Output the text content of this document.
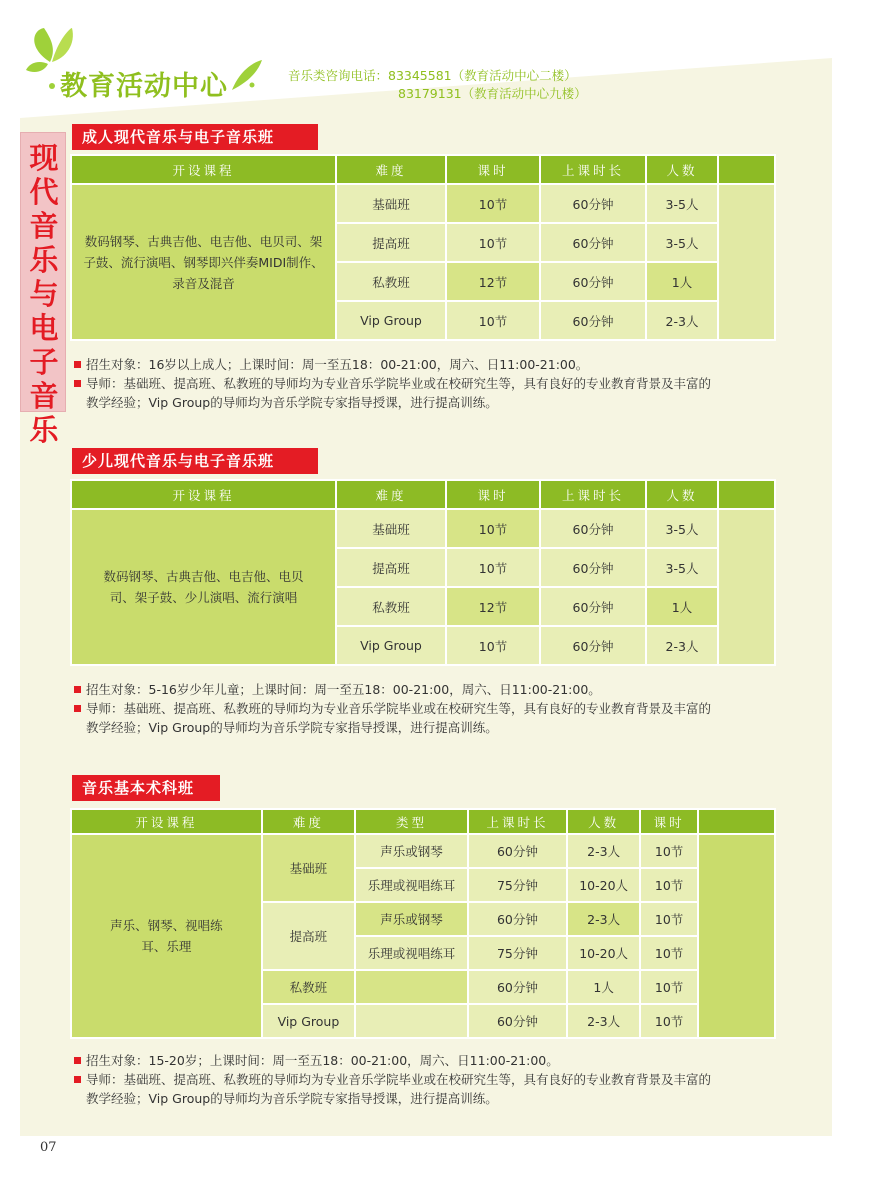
教育活动中心	音乐类咨询电话：83345581（教育活动中心二楼）
83179131（教育活动中心九楼）
现代音乐与电子音乐
成人现代音乐与电子音乐班
开设课程	难度	课时	上课时长	人数	
数码钢琴、古典吉他、电吉他、电贝司、架子鼓、流行演唱、钢琴即兴伴奏MIDI制作、录音及混音	基础班	10节	60分钟	3-5人	
	提高班	10节	60分钟	3-5人	
	私教班	12节	60分钟	1人	
	Vip Group	10节	60分钟	2-3人	
招生对象：16岁以上成人；上课时间：周一至五18：00-21:00，周六、日11:00-21:00。
导师：基础班、提高班、私教班的导师均为专业音乐学院毕业或在校研究生等，具有良好的专业教育背景及丰富的
教学经验；Vip Group的导师均为音乐学院专家指导授课，进行提高训练。
少儿现代音乐与电子音乐班
开设课程	难度	课时	上课时长	人数	
数码钢琴、古典吉他、电吉他、电贝司、架子鼓、少儿演唱、流行演唱	基础班	10节	60分钟	3-5人	
	提高班	10节	60分钟	3-5人	
	私教班	12节	60分钟	1人	
	Vip Group	10节	60分钟	2-3人	
招生对象：5-16岁少年儿童；上课时间：周一至五18：00-21:00，周六、日11:00-21:00。
导师：基础班、提高班、私教班的导师均为专业音乐学院毕业或在校研究生等，具有良好的专业教育背景及丰富的
教学经验；Vip Group的导师均为音乐学院专家指导授课，进行提高训练。
音乐基本术科班
开设课程	难度	类型	上课时长	人数	课时	
声乐、钢琴、视唱练耳、乐理	基础班	声乐或钢琴	60分钟	2-3人	10节	
		乐理或视唱练耳	75分钟	10-20人	10节	
	提高班	声乐或钢琴	60分钟	2-3人	10节	
		乐理或视唱练耳	75分钟	10-20人	10节	
	私教班		60分钟	1人	10节	
	Vip Group		60分钟	2-3人	10节	
招生对象：15-20岁；上课时间：周一至五18：00-21:00，周六、日11:00-21:00。
导师：基础班、提高班、私教班的导师均为专业音乐学院毕业或在校研究生等，具有良好的专业教育背景及丰富的
教学经验；Vip Group的导师均为音乐学院专家指导授课，进行提高训练。
07
